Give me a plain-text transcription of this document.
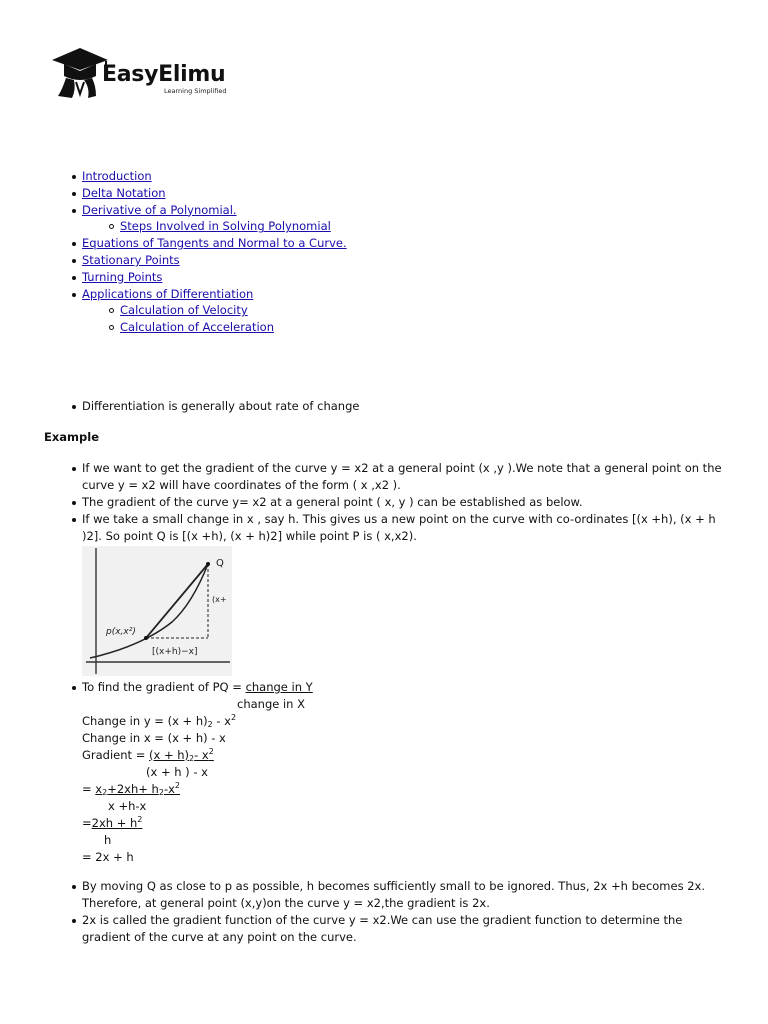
EasyElimu
Learning Simplified
Introduction
Delta Notation
Derivative of a Polynomial.
Steps Involved in Solving Polynomial
Equations of Tangents and Normal to a Curve.
Stationary Points
Turning Points
Applications of Differentiation
Calculation of Velocity
Calculation of Acceleration

Differentiation is generally about rate of change

Example

If we want to get the gradient of the curve y = x2 at a general point (x ,y ).We note that a general point on the curve y = x2 will have coordinates of the form ( x ,x2 ).

The gradient of the curve y= x2 at a general point ( x, y ) can be established as below.

If we take a small change in x , say h. This gives us a new point on the curve with co-ordinates [(x +h), (x + h )2]. So point Q is [(x +h), (x + h)2] while point P is ( x,x2).

p(x,x²)
Q
[(x+h)−x]
(x+

To find the gradient of PQ = change in Y

change in X
Change in $y = (x + h)_2 - x^2$
Change in x = (x + h) - x
Gradient = $(x + h)_2-$ $x^2$
(x + h ) - x
= $x_2+2xh+ h_2-x^2$
x +h-x
$=2xh + h^2$
h
= 2x + h

By moving Q as close to p as possible, h becomes sufficiently small to be ignored. Thus, 2x +h becomes 2x. Therefore, at general point (x,y)on the curve y = x2,the gradient is 2x.

2x is called the gradient function of the curve y = x2.We can use the gradient function to determine the gradient of the curve at any point on the curve.
